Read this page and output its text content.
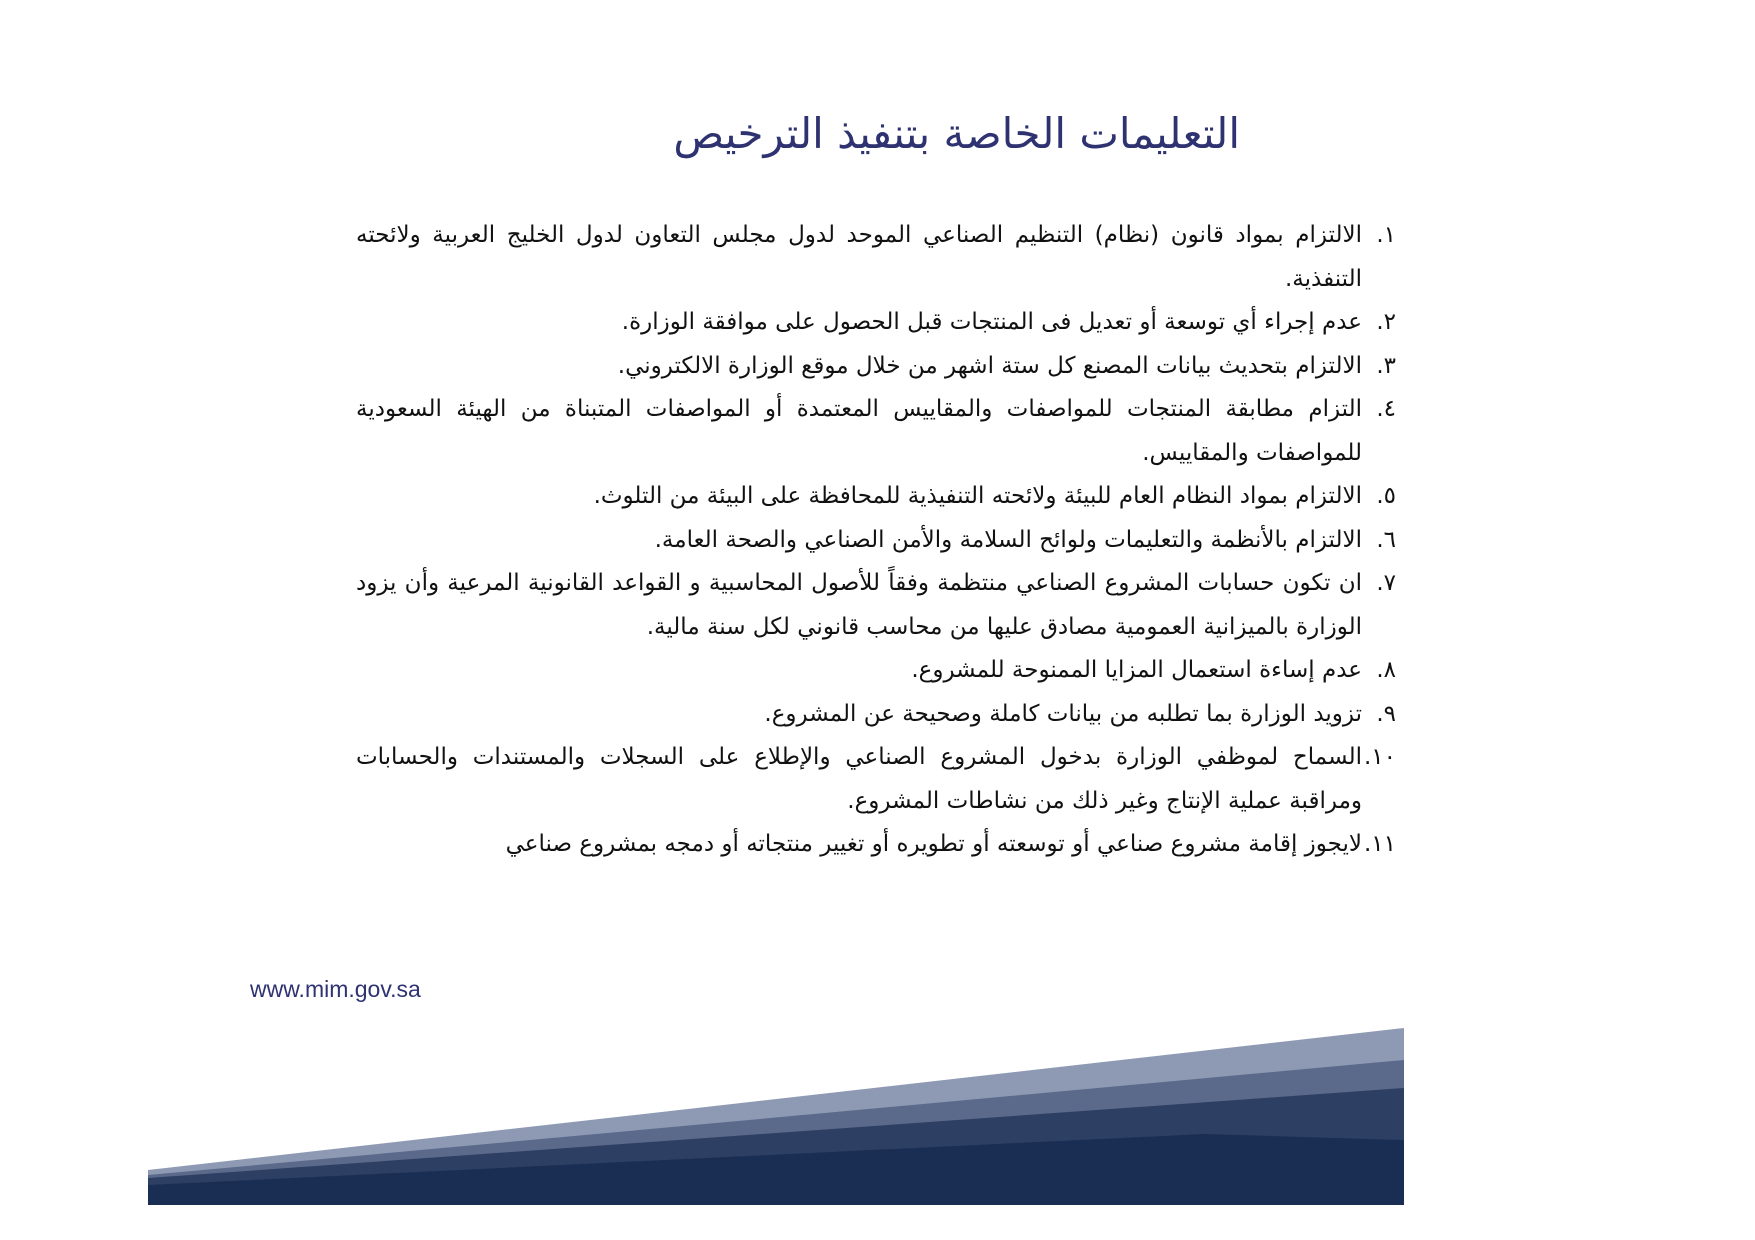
التعليمات الخاصة بتنفيذ الترخيص
١.
الالتزام بمواد قانون (نظام) التنظيم الصناعي الموحد لدول مجلس التعاون لدول الخليج العربية ولائحته التنفذية.
٢.
عدم إجراء أي توسعة أو تعديل فى المنتجات قبل الحصول على موافقة الوزارة.
٣.
الالتزام بتحديث بيانات المصنع كل ستة اشهر من خلال موقع الوزارة الالكتروني.
٤.
التزام مطابقة المنتجات للمواصفات والمقاييس المعتمدة أو المواصفات المتبناة من الهيئة السعودية للمواصفات والمقاييس.
٥.
الالتزام بمواد النظام العام للبيئة ولائحته التنفيذية للمحافظة على البيئة من التلوث.
٦.
الالتزام بالأنظمة والتعليمات ولوائح السلامة والأمن الصناعي والصحة العامة.
٧.
ان تكون حسابات المشروع الصناعي منتظمة وفقاً للأصول المحاسبية و القواعد القانونية المرعية وأن يزود الوزارة بالميزانية العمومية مصادق عليها من محاسب قانوني لكل سنة مالية.
٨.
عدم إساءة استعمال المزايا الممنوحة للمشروع.
٩.
تزويد الوزارة بما تطلبه من بيانات كاملة وصحيحة عن المشروع.
١٠.
السماح لموظفي الوزارة بدخول المشروع الصناعي والإطلاع على السجلات والمستندات والحسابات ومراقبة عملية الإنتاج وغير ذلك من نشاطات المشروع.
١١.
لايجوز إقامة مشروع صناعي أو توسعته أو تطويره أو تغيير منتجاته أو دمجه بمشروع صناعي
www.mim.gov.sa
